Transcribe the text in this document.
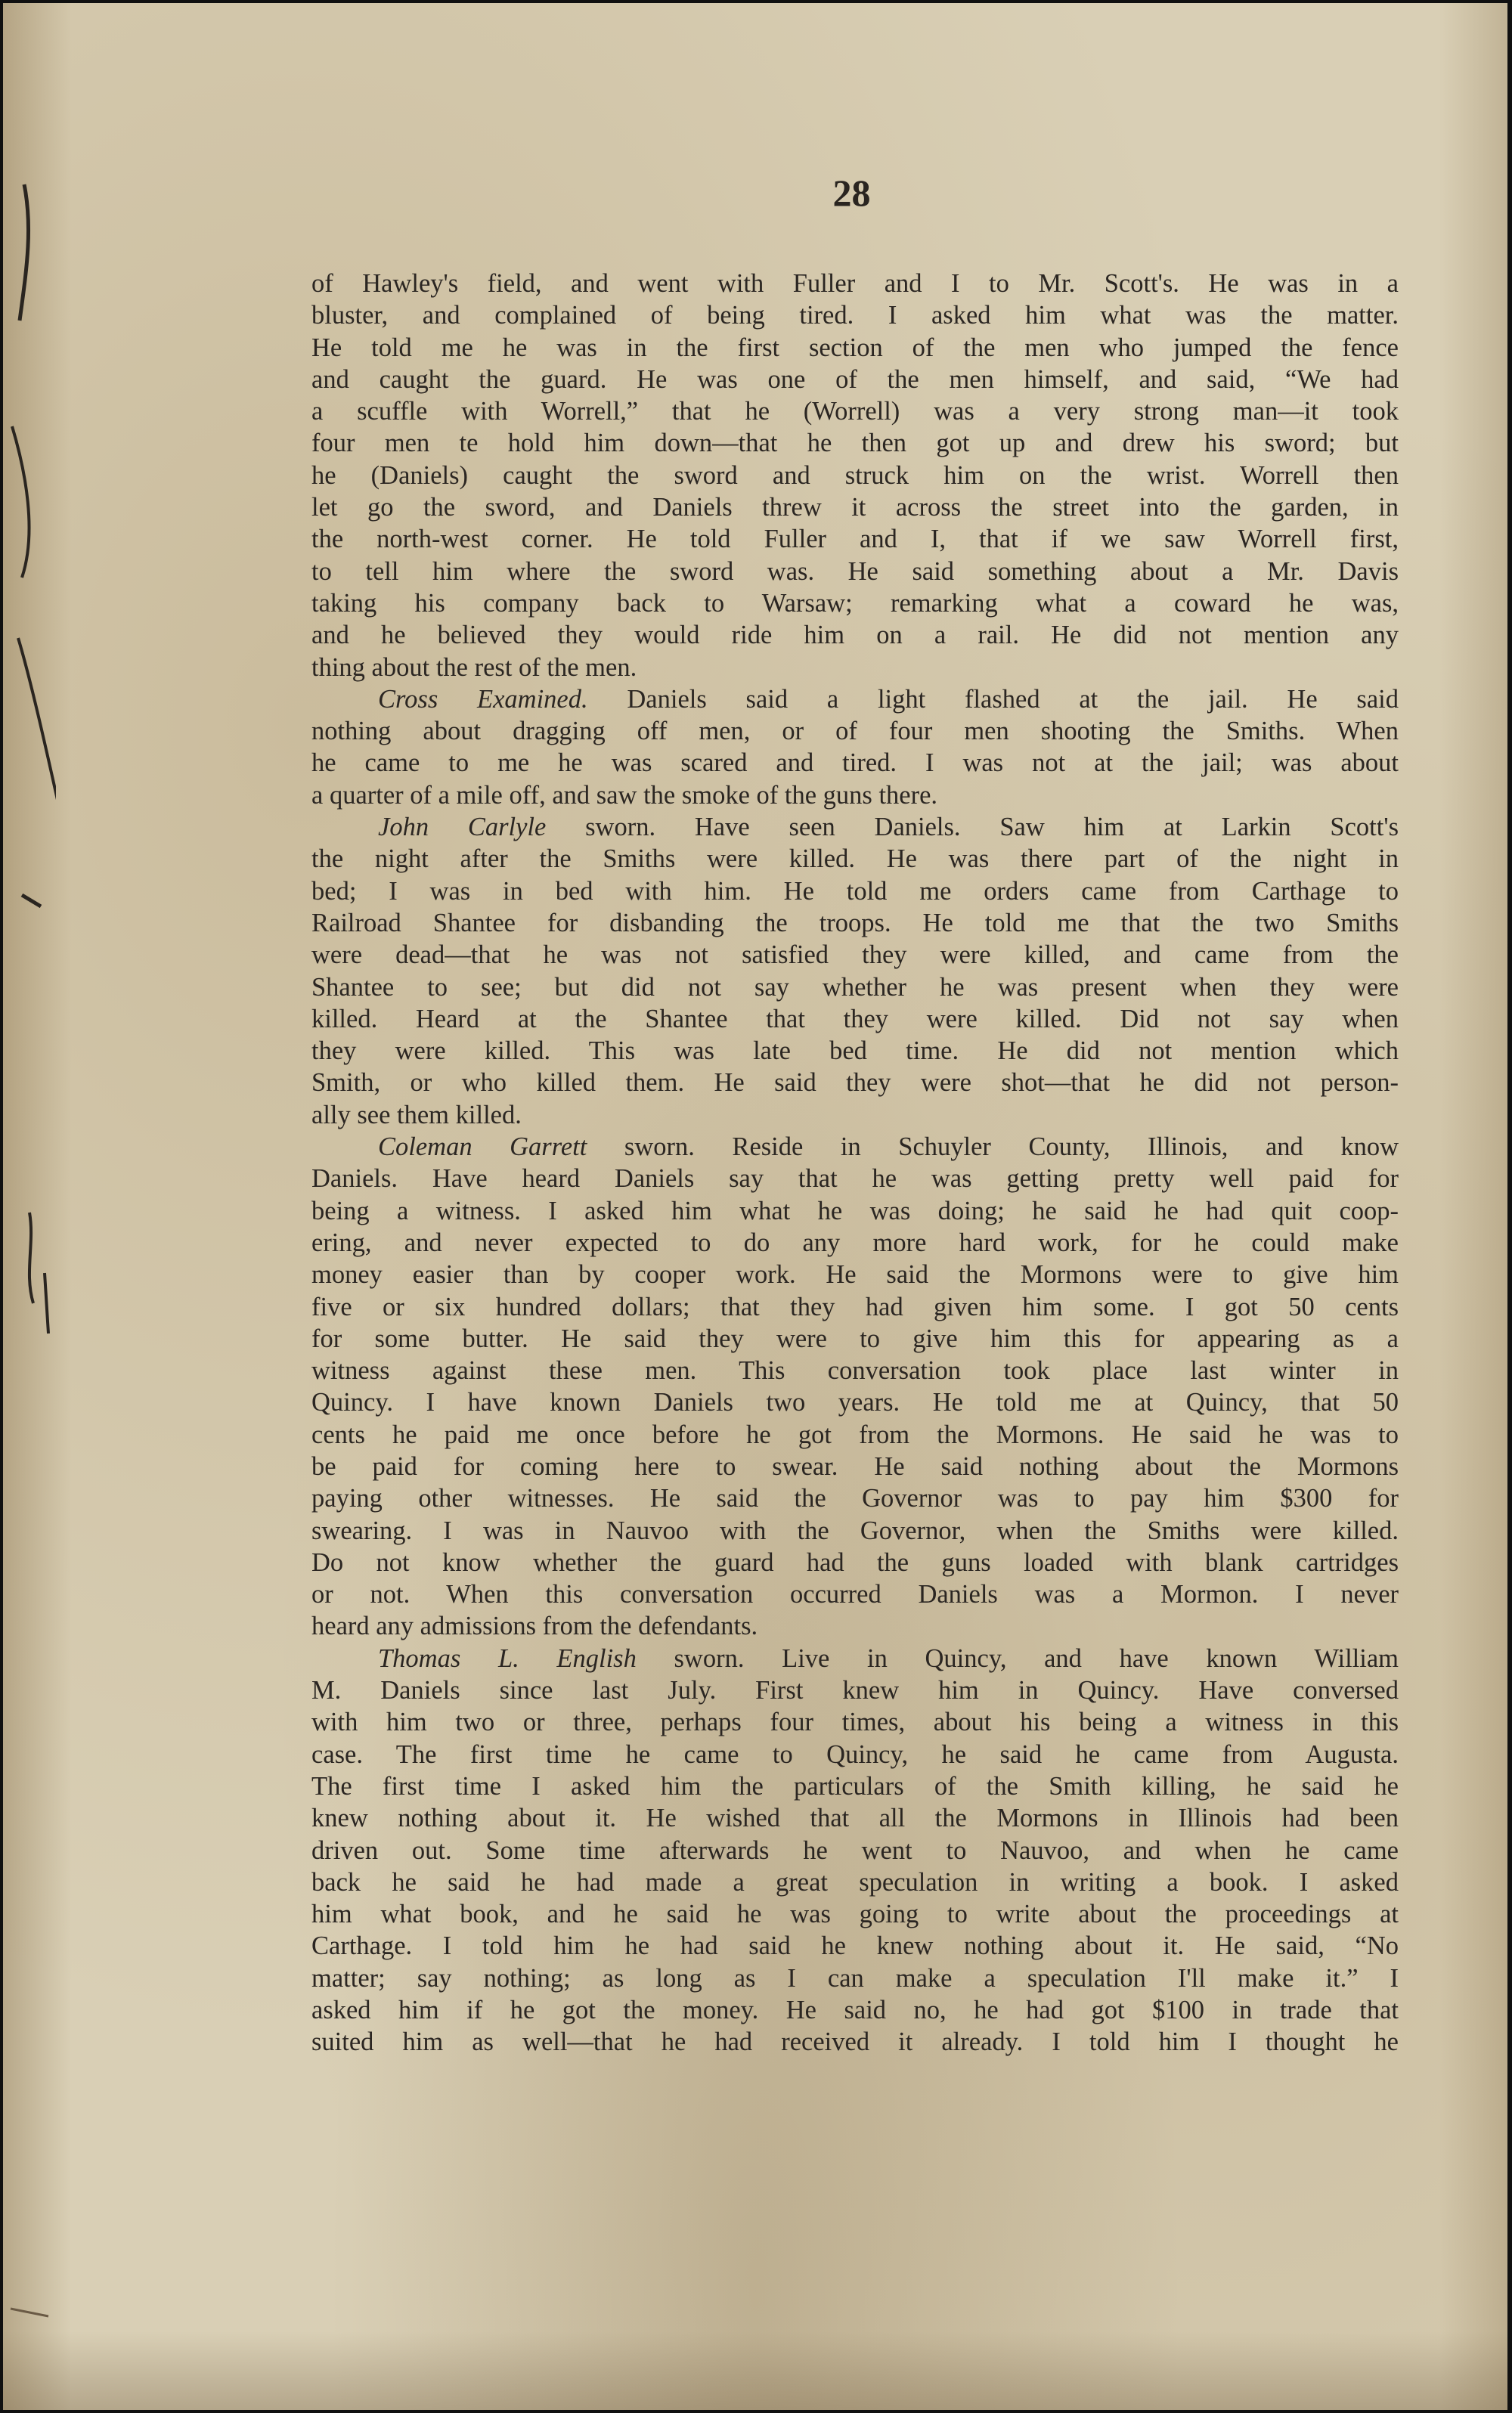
28
of Hawley's field, and went with Fuller and I to Mr. Scott's. He was in a
bluster, and complained of being tired. I asked him what was the matter.
He told me he was in the first section of the men who jumped the fence
and caught the guard. He was one of the men himself, and said, “We had
a scuffle with Worrell,” that he (Worrell) was a very strong man—it took
four men te hold him down—that he then got up and drew his sword; but
he (Daniels) caught the sword and struck him on the wrist. Worrell then
let go the sword, and Daniels threw it across the street into the garden, in
the north-west corner. He told Fuller and I, that if we saw Worrell first,
to tell him where the sword was. He said something about a Mr. Davis
taking his company back to Warsaw; remarking what a coward he was,
and he believed they would ride him on a rail. He did not mention any
thing about the rest of the men.
Cross Examined. Daniels said a light flashed at the jail. He said
nothing about dragging off men, or of four men shooting the Smiths. When
he came to me he was scared and tired. I was not at the jail; was about
a quarter of a mile off, and saw the smoke of the guns there.
John Carlyle sworn. Have seen Daniels. Saw him at Larkin Scott's
the night after the Smiths were killed. He was there part of the night in
bed; I was in bed with him. He told me orders came from Carthage to
Railroad Shantee for disbanding the troops. He told me that the two Smiths
were dead—that he was not satisfied they were killed, and came from the
Shantee to see; but did not say whether he was present when they were
killed. Heard at the Shantee that they were killed. Did not say when
they were killed. This was late bed time. He did not mention which
Smith, or who killed them. He said they were shot—that he did not person-
ally see them killed.
Coleman Garrett sworn. Reside in Schuyler County, Illinois, and know
Daniels. Have heard Daniels say that he was getting pretty well paid for
being a witness. I asked him what he was doing; he said he had quit coop-
ering, and never expected to do any more hard work, for he could make
money easier than by cooper work. He said the Mormons were to give him
five or six hundred dollars; that they had given him some. I got 50 cents
for some butter. He said they were to give him this for appearing as a
witness against these men. This conversation took place last winter in
Quincy. I have known Daniels two years. He told me at Quincy, that 50
cents he paid me once before he got from the Mormons. He said he was to
be paid for coming here to swear. He said nothing about the Mormons
paying other witnesses. He said the Governor was to pay him $300 for
swearing. I was in Nauvoo with the Governor, when the Smiths were killed.
Do not know whether the guard had the guns loaded with blank cartridges
or not. When this conversation occurred Daniels was a Mormon. I never
heard any admissions from the defendants.
Thomas L. English sworn. Live in Quincy, and have known William
M. Daniels since last July. First knew him in Quincy. Have conversed
with him two or three, perhaps four times, about his being a witness in this
case. The first time he came to Quincy, he said he came from Augusta.
The first time I asked him the particulars of the Smith killing, he said he
knew nothing about it. He wished that all the Mormons in Illinois had been
driven out. Some time afterwards he went to Nauvoo, and when he came
back he said he had made a great speculation in writing a book. I asked
him what book, and he said he was going to write about the proceedings at
Carthage. I told him he had said he knew nothing about it. He said, “No
matter; say nothing; as long as I can make a speculation I'll make it.” I
asked him if he got the money. He said no, he had got $100 in trade that
suited him as well—that he had received it already. I told him I thought he
